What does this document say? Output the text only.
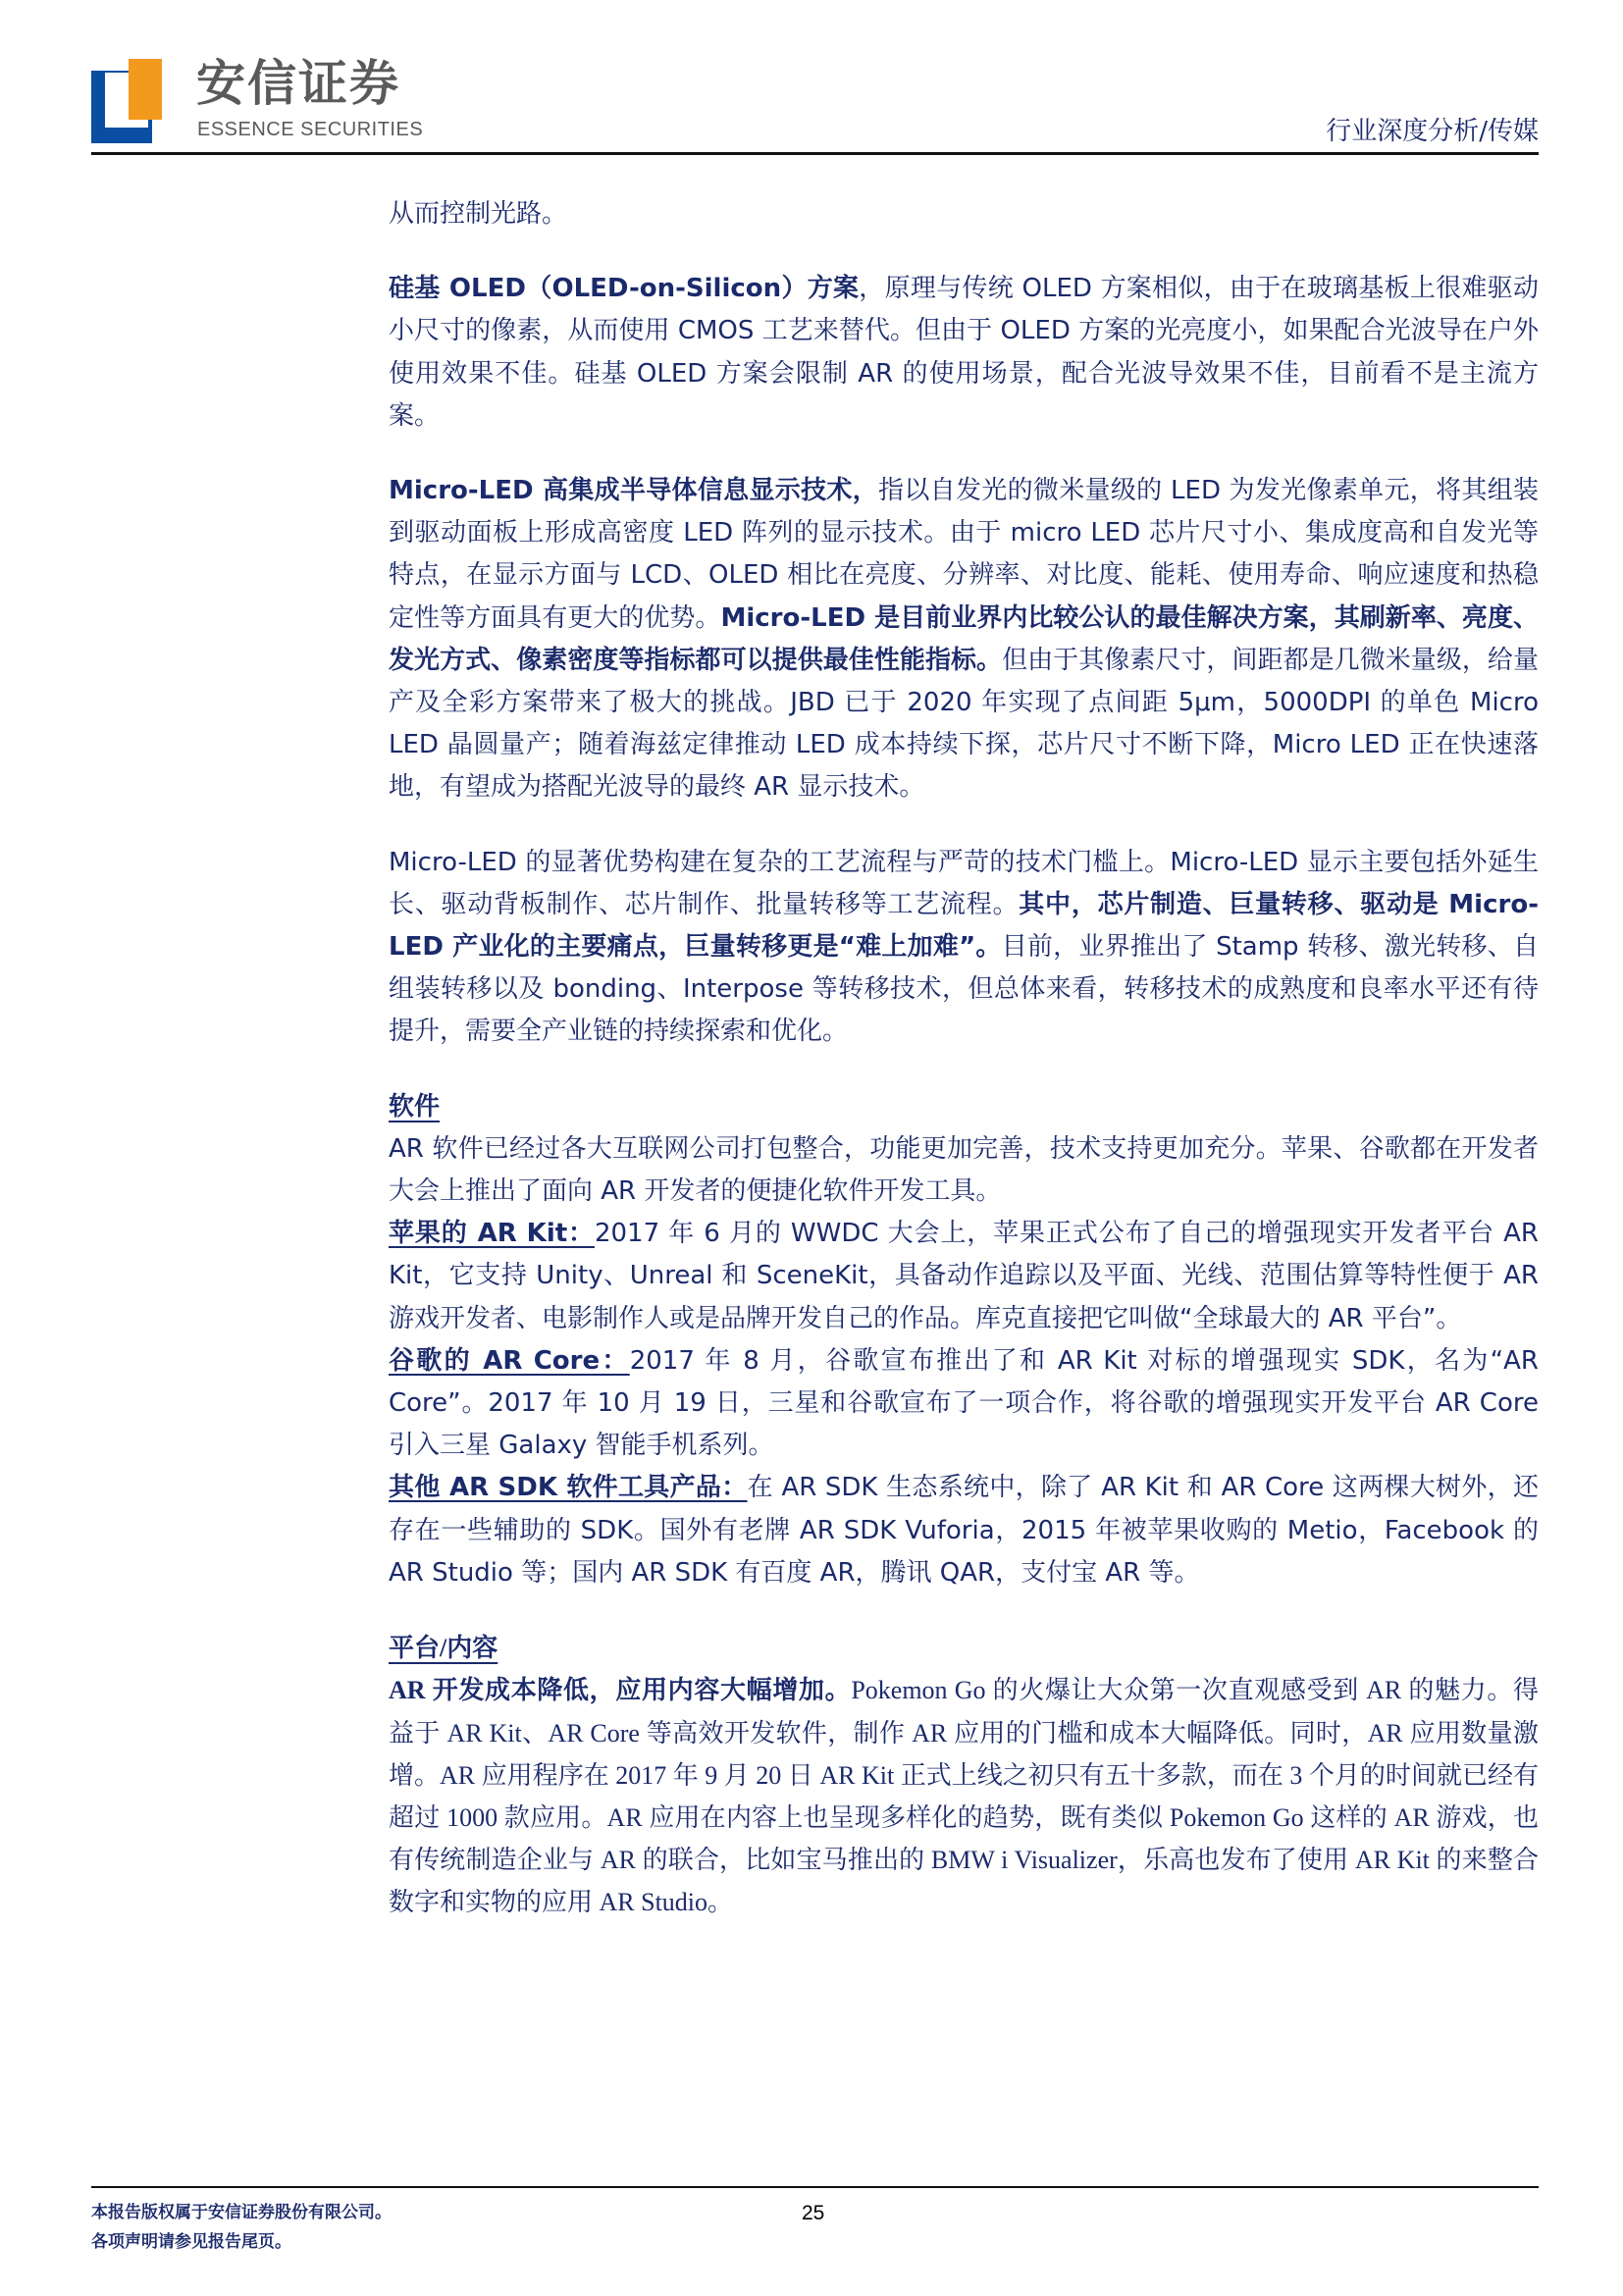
安信证券
ESSENCE SECURITIES	行业深度分析/传媒

从而控制光路。

硅基 OLED（OLED-on-Silicon）方案，原理与传统 OLED 方案相似，由于在玻璃基板上很难驱动小尺寸的像素，从而使用 CMOS 工艺来替代。但由于 OLED 方案的光亮度小，如果配合光波导在户外使用效果不佳。硅基 OLED 方案会限制 AR 的使用场景，配合光波导效果不佳，目前看不是主流方案。

Micro-LED 高集成半导体信息显示技术，指以自发光的微米量级的 LED 为发光像素单元，将其组装到驱动面板上形成高密度 LED 阵列的显示技术。由于 micro LED 芯片尺寸小、集成度高和自发光等特点，在显示方面与 LCD、OLED 相比在亮度、分辨率、对比度、能耗、使用寿命、响应速度和热稳定性等方面具有更大的优势。Micro-LED 是目前业界内比较公认的最佳解决方案，其刷新率、亮度、发光方式、像素密度等指标都可以提供最佳性能指标。但由于其像素尺寸，间距都是几微米量级，给量产及全彩方案带来了极大的挑战。JBD 已于 2020 年实现了点间距 5μm，5000DPI 的单色 Micro LED 晶圆量产；随着海兹定律推动 LED 成本持续下探，芯片尺寸不断下降，Micro LED 正在快速落地，有望成为搭配光波导的最终 AR 显示技术。

Micro-LED 的显著优势构建在复杂的工艺流程与严苛的技术门槛上。Micro-LED 显示主要包括外延生长、驱动背板制作、芯片制作、批量转移等工艺流程。其中，芯片制造、巨量转移、驱动是 Micro-LED 产业化的主要痛点，巨量转移更是“难上加难”。目前，业界推出了 Stamp 转移、激光转移、自组装转移以及 bonding、Interpose 等转移技术，但总体来看，转移技术的成熟度和良率水平还有待提升，需要全产业链的持续探索和优化。

软件

AR 软件已经过各大互联网公司打包整合，功能更加完善，技术支持更加充分。苹果、谷歌都在开发者大会上推出了面向 AR 开发者的便捷化软件开发工具。

苹果的 AR Kit：2017 年 6 月的 WWDC 大会上，苹果正式公布了自己的增强现实开发者平台 AR Kit，它支持 Unity、Unreal 和 SceneKit，具备动作追踪以及平面、光线、范围估算等特性便于 AR 游戏开发者、电影制作人或是品牌开发自己的作品。库克直接把它叫做“全球最大的 AR 平台”。

谷歌的 AR Core：2017 年 8 月，谷歌宣布推出了和 AR Kit 对标的增强现实 SDK，名为“AR Core”。2017 年 10 月 19 日，三星和谷歌宣布了一项合作，将谷歌的增强现实开发平台 AR Core 引入三星 Galaxy 智能手机系列。

其他 AR SDK 软件工具产品：在 AR SDK 生态系统中，除了 AR Kit 和 AR Core 这两棵大树外，还存在一些辅助的 SDK。国外有老牌 AR SDK Vuforia，2015 年被苹果收购的 Metio，Facebook 的 AR Studio 等；国内 AR SDK 有百度 AR，腾讯 QAR，支付宝 AR 等。

平台/内容

AR 开发成本降低，应用内容大幅增加。Pokemon Go 的火爆让大众第一次直观感受到 AR 的魅力。得益于 AR Kit、AR Core 等高效开发软件，制作 AR 应用的门槛和成本大幅降低。同时，AR 应用数量激增。AR 应用程序在 2017 年 9 月 20 日 AR Kit 正式上线之初只有五十多款，而在 3 个月的时间就已经有超过 1000 款应用。AR 应用在内容上也呈现多样化的趋势，既有类似 Pokemon Go 这样的 AR 游戏，也有传统制造企业与 AR 的联合，比如宝马推出的 BMW i Visualizer，乐高也发布了使用 AR Kit 的来整合数字和实物的应用 AR Studio。

本报告版权属于安信证券股份有限公司。
各项声明请参见报告尾页。
25
